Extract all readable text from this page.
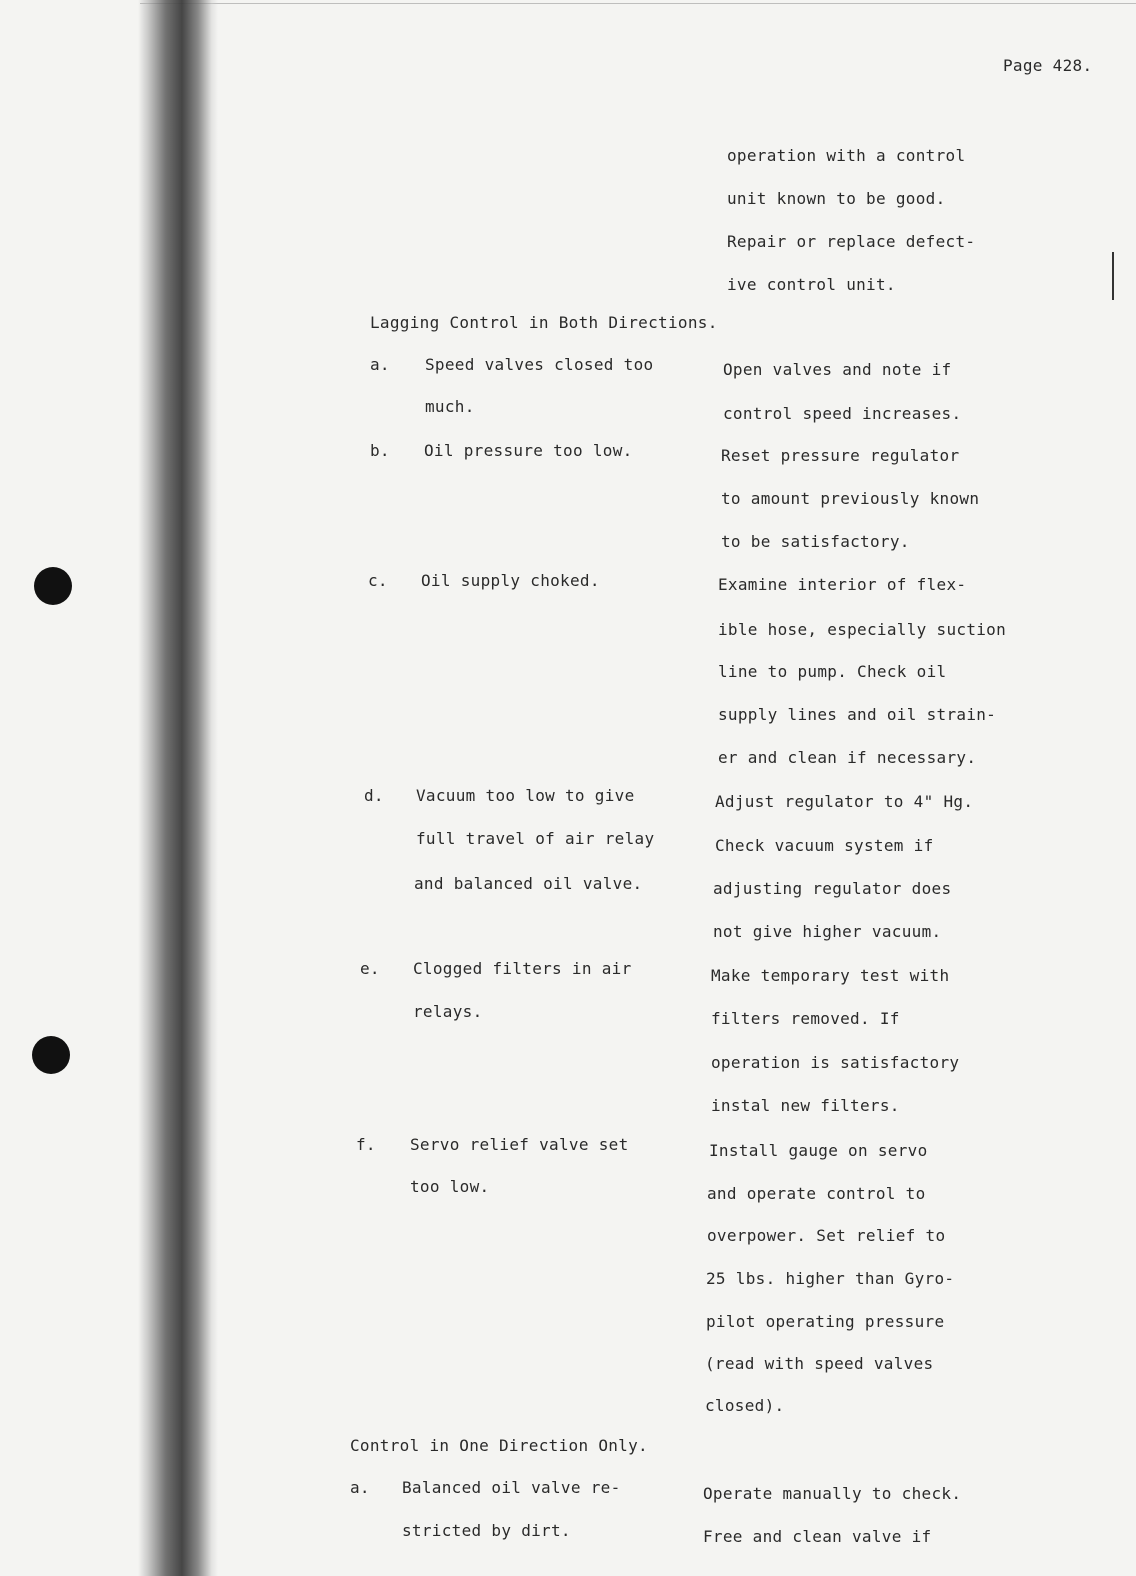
Page 428.
operation with a control
unit known to be good.
Repair or replace defect-
ive control unit.
Lagging Control in Both Directions.
a. Speed valves closed too
much.
Open valves and note if
control speed increases.
b. Oil pressure too low.	Reset pressure regulator
to amount previously known
to be satisfactory.
c. Oil supply choked.	Examine interior of flex-
ible hose, especially suction
line to pump. Check oil
supply lines and oil strain-
er and clean if necessary.
d. Vacuum too low to give
full travel of air relay
and balanced oil valve.
Adjust regulator to 4" Hg.
Check vacuum system if
adjusting regulator does
not give higher vacuum.
e. Clogged filters in air
relays.
Make temporary test with
filters removed. If
operation is satisfactory
instal new filters.
f. Servo relief valve set
too low.
Install gauge on servo
and operate control to
overpower. Set relief to
25 lbs. higher than Gyro-
pilot operating pressure
(read with speed valves
closed).
Control in One Direction Only.
a. Balanced oil valve re-
stricted by dirt.
Operate manually to check.
Free and clean valve if
